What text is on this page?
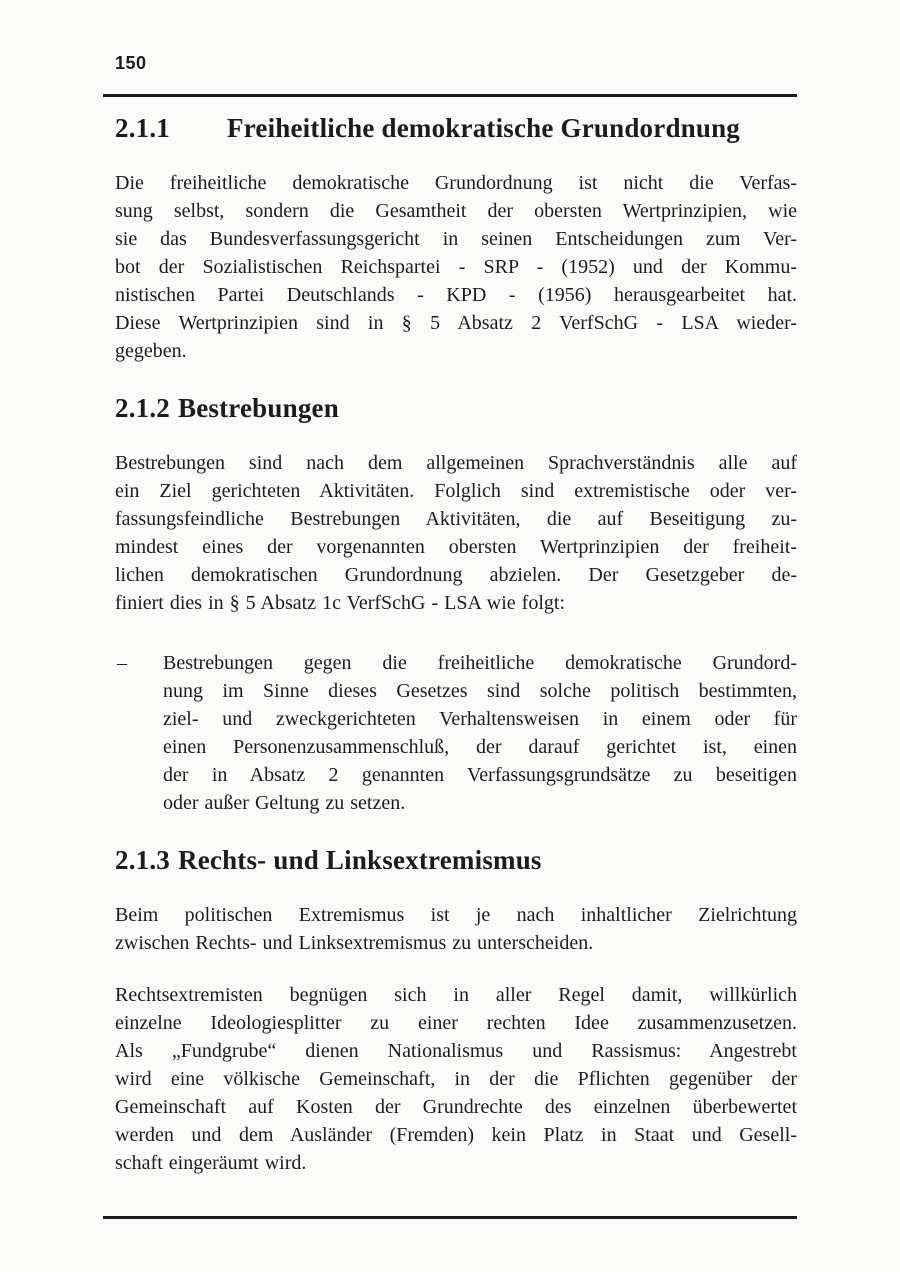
150
2.1.1 Freiheitliche demokratische Grundordnung
Die freiheitliche demokratische Grundordnung ist nicht die Verfas-
sung selbst, sondern die Gesamtheit der obersten Wertprinzipien, wie
sie das Bundesverfassungsgericht in seinen Entscheidungen zum Ver-
bot der Sozialistischen Reichspartei - SRP - (1952) und der Kommu-
nistischen Partei Deutschlands - KPD - (1956) herausgearbeitet hat.
Diese Wertprinzipien sind in § 5 Absatz 2 VerfSchG - LSA wieder-
gegeben.
2.1.2 Bestrebungen
Bestrebungen sind nach dem allgemeinen Sprachverständnis alle auf
ein Ziel gerichteten Aktivitäten. Folglich sind extremistische oder ver-
fassungsfeindliche Bestrebungen Aktivitäten, die auf Beseitigung zu-
mindest eines der vorgenannten obersten Wertprinzipien der freiheit-
lichen demokratischen Grundordnung abzielen. Der Gesetzgeber de-
finiert dies in § 5 Absatz 1c VerfSchG - LSA wie folgt:
– Bestrebungen gegen die freiheitliche demokratische Grundord-
nung im Sinne dieses Gesetzes sind solche politisch bestimmten,
ziel- und zweckgerichteten Verhaltensweisen in einem oder für
einen Personenzusammenschluß, der darauf gerichtet ist, einen
der in Absatz 2 genannten Verfassungsgrundsätze zu beseitigen
oder außer Geltung zu setzen.
2.1.3 Rechts- und Linksextremismus
Beim politischen Extremismus ist je nach inhaltlicher Zielrichtung
zwischen Rechts- und Linksextremismus zu unterscheiden.
Rechtsextremisten begnügen sich in aller Regel damit, willkürlich
einzelne Ideologiesplitter zu einer rechten Idee zusammenzusetzen.
Als „Fundgrube“ dienen Nationalismus und Rassismus: Angestrebt
wird eine völkische Gemeinschaft, in der die Pflichten gegenüber der
Gemeinschaft auf Kosten der Grundrechte des einzelnen überbewertet
werden und dem Ausländer (Fremden) kein Platz in Staat und Gesell-
schaft eingeräumt wird.
